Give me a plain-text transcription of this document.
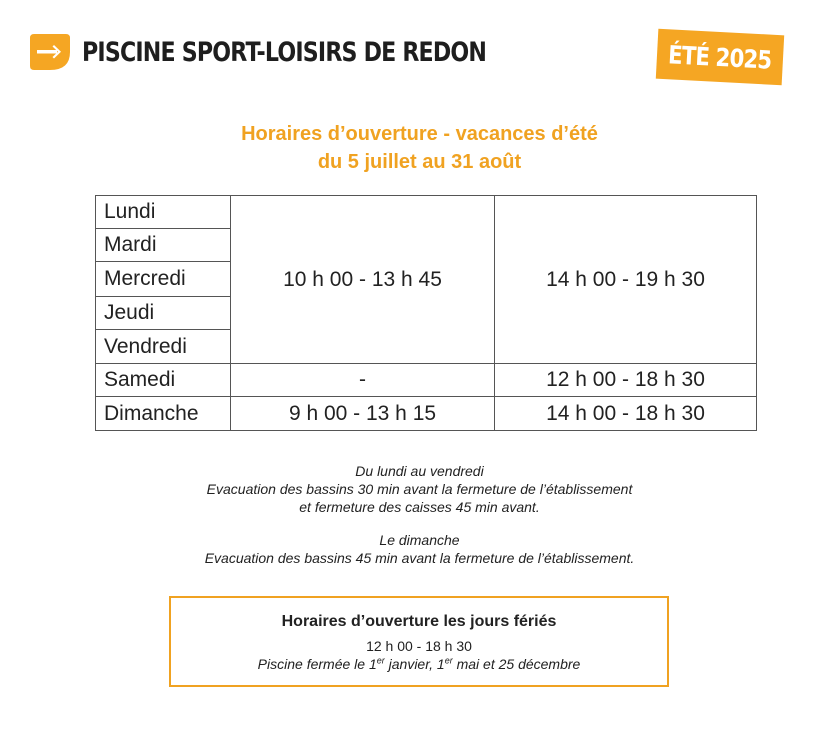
PISCINE SPORT-LOISIRS DE REDON	ÉTÉ 2025
Horaires d’ouverture - vacances d’été
du 5 juillet au 31 août
Lundi	10 h 00 - 13 h 45	14 h 00 - 19 h 30
Mardi		
Mercredi		
Jeudi		
Vendredi		
Samedi	-	12 h 00 - 18 h 30
Dimanche	9 h 00 - 13 h 15	14 h 00 - 18 h 30
Du lundi au vendredi
Evacuation des bassins 30 min avant la fermeture de l’établissement
et fermeture des caisses 45 min avant.
Le dimanche
Evacuation des bassins 45 min avant la fermeture de l’établissement.
Horaires d’ouverture les jours fériés
12 h 00 - 18 h 30
Piscine fermée le 1er janvier, 1er mai et 25 décembre
